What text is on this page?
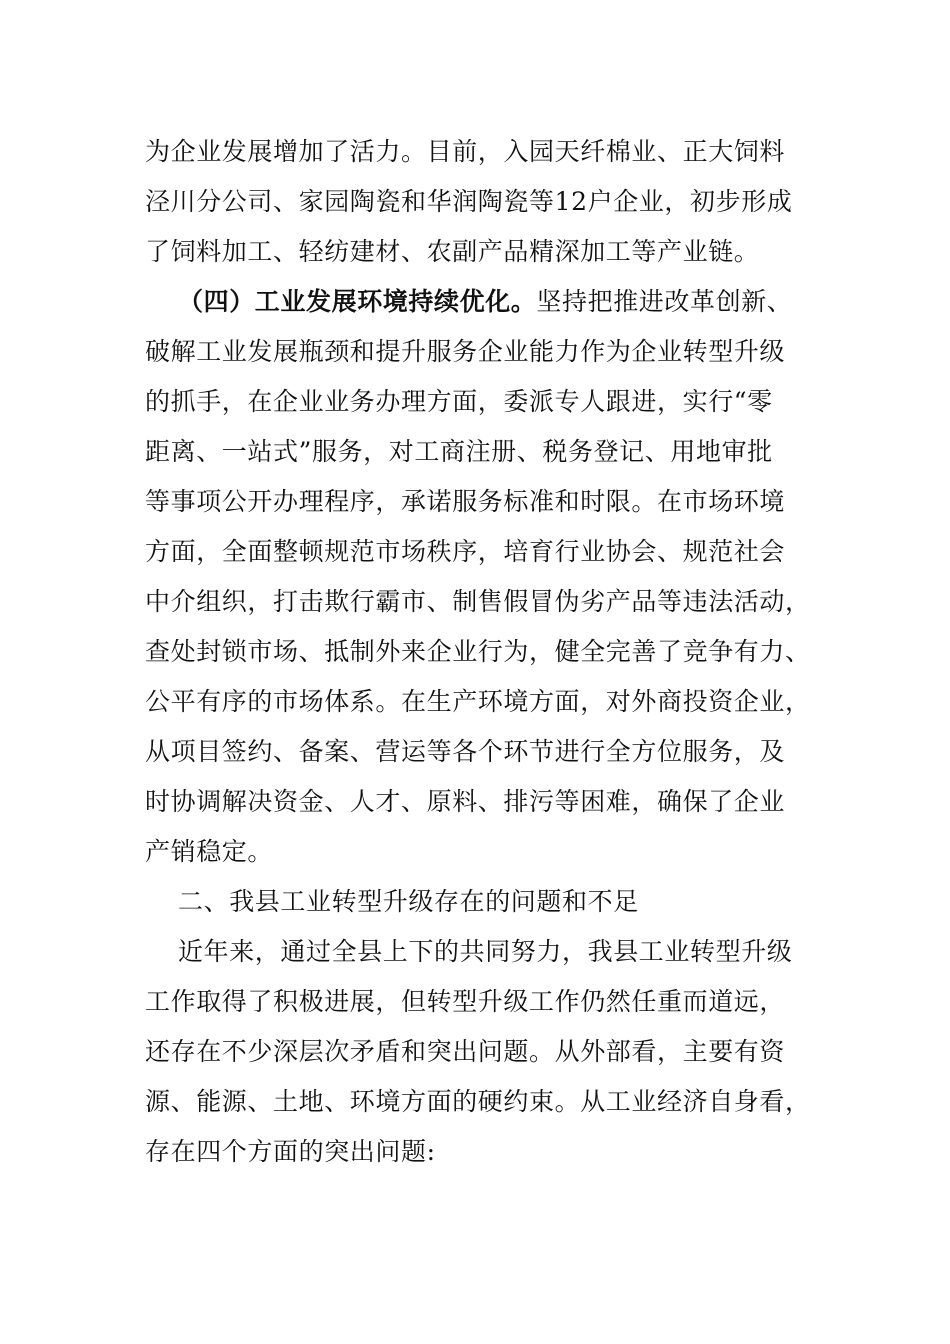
为企业发展增加了活力。目前，入园天纤棉业、正大饲料

泾川分公司、家园陶瓷和华润陶瓷等12户企业，初步形成

了饲料加工、轻纺建材、农副产品精深加工等产业链。

（四）工业发展环境持续优化。坚持把推进改革创新、

破解工业发展瓶颈和提升服务企业能力作为企业转型升级

的抓手，在企业业务办理方面，委派专人跟进，实行“零

距离、一站式”服务，对工商注册、税务登记、用地审批

等事项公开办理程序，承诺服务标准和时限。在市场环境

方面，全面整顿规范市场秩序，培育行业协会、规范社会

中介组织，打击欺行霸市、制售假冒伪劣产品等违法活动，

查处封锁市场、抵制外来企业行为，健全完善了竞争有力、

公平有序的市场体系。在生产环境方面，对外商投资企业，

从项目签约、备案、营运等各个环节进行全方位服务，及

时协调解决资金、人才、原料、排污等困难，确保了企业

产销稳定。

二、我县工业转型升级存在的问题和不足

近年来，通过全县上下的共同努力，我县工业转型升级

工作取得了积极进展，但转型升级工作仍然任重而道远，

还存在不少深层次矛盾和突出问题。从外部看，主要有资

源、能源、土地、环境方面的硬约束。从工业经济自身看，

存在四个方面的突出问题:
